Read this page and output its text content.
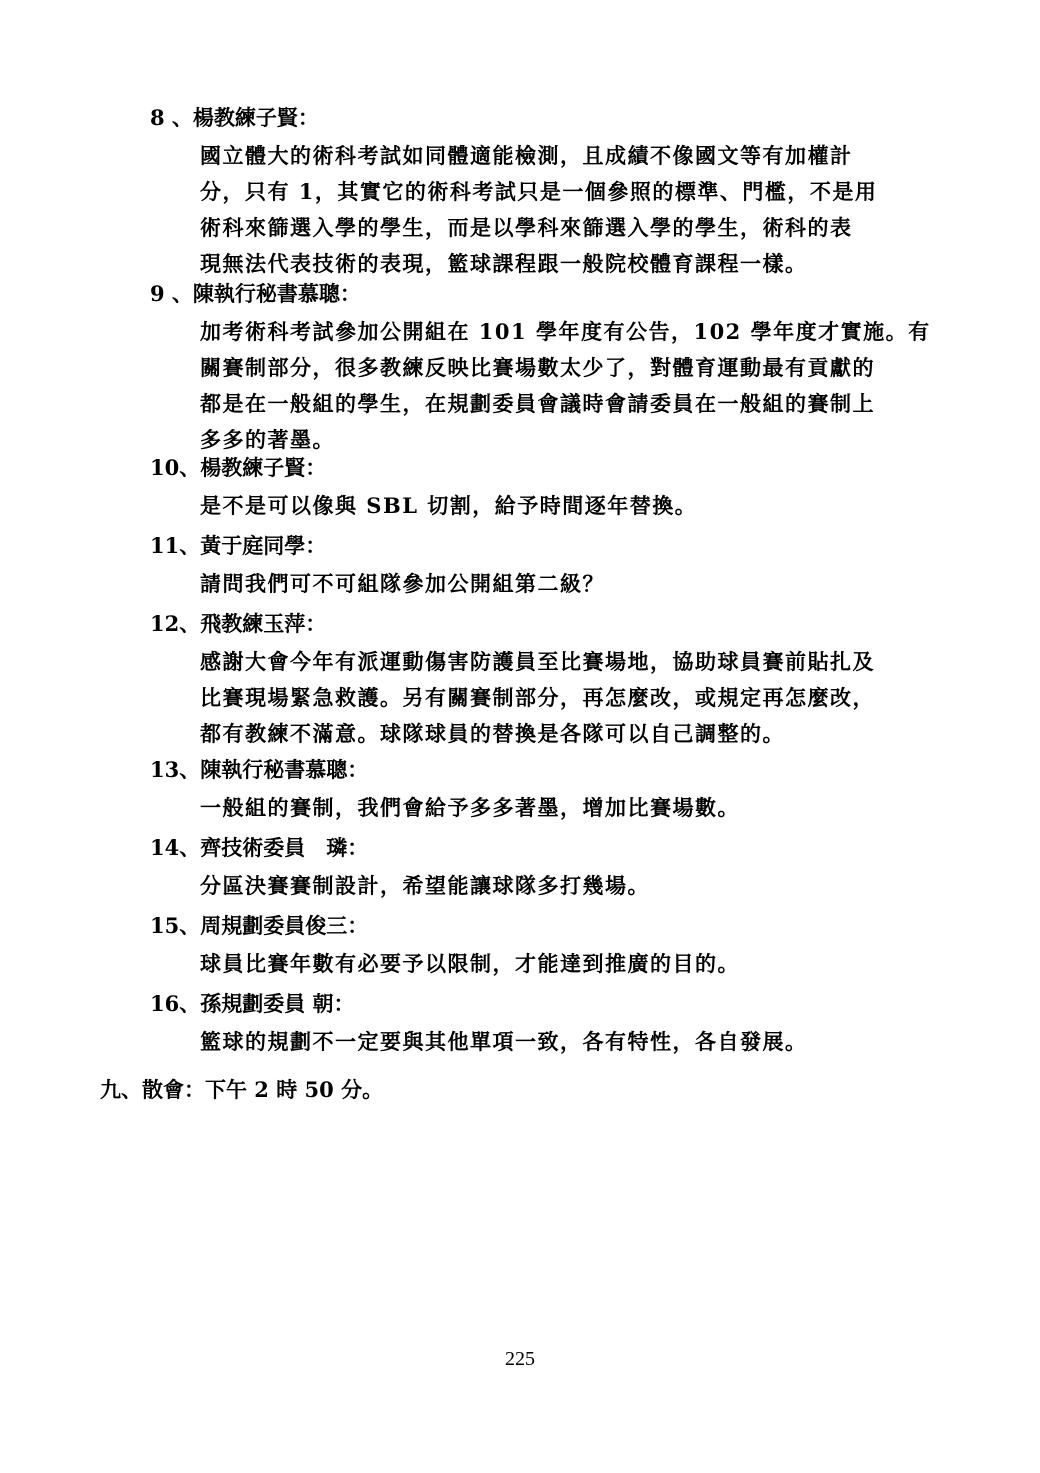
8 、楊教練子賢：
國立體大的術科考試如同體適能檢測，且成績不像國文等有加權計
分，只有 1，其實它的術科考試只是一個參照的標準、門檻，不是用
術科來篩選入學的學生，而是以學科來篩選入學的學生，術科的表
現無法代表技術的表現，籃球課程跟一般院校體育課程一樣。
9 、陳執行秘書慕聰：
加考術科考試參加公開組在 101 學年度有公告，102 學年度才實施。有
關賽制部分，很多教練反映比賽場數太少了，對體育運動最有貢獻的
都是在一般組的學生，在規劃委員會議時會請委員在一般組的賽制上
多多的著墨。
10、楊教練子賢：
是不是可以像與 SBL 切割，給予時間逐年替換。
11、黃于庭同學：
請問我們可不可組隊參加公開組第二級？
12、飛教練玉萍：
感謝大會今年有派運動傷害防護員至比賽場地，協助球員賽前貼扎及
比賽現場緊急救護。另有關賽制部分，再怎麼改，或規定再怎麼改，
都有教練不滿意。球隊球員的替換是各隊可以自己調整的。
13、陳執行秘書慕聰：
一般組的賽制，我們會給予多多著墨，增加比賽場數。
14、齊技術委員　璘：
分區決賽賽制設計，希望能讓球隊多打幾場。
15、周規劃委員俊三：
球員比賽年數有必要予以限制，才能達到推廣的目的。
16、孫規劃委員 朝：
籃球的規劃不一定要與其他單項一致，各有特性，各自發展。
九、散會：下午 2 時 50 分。
225
